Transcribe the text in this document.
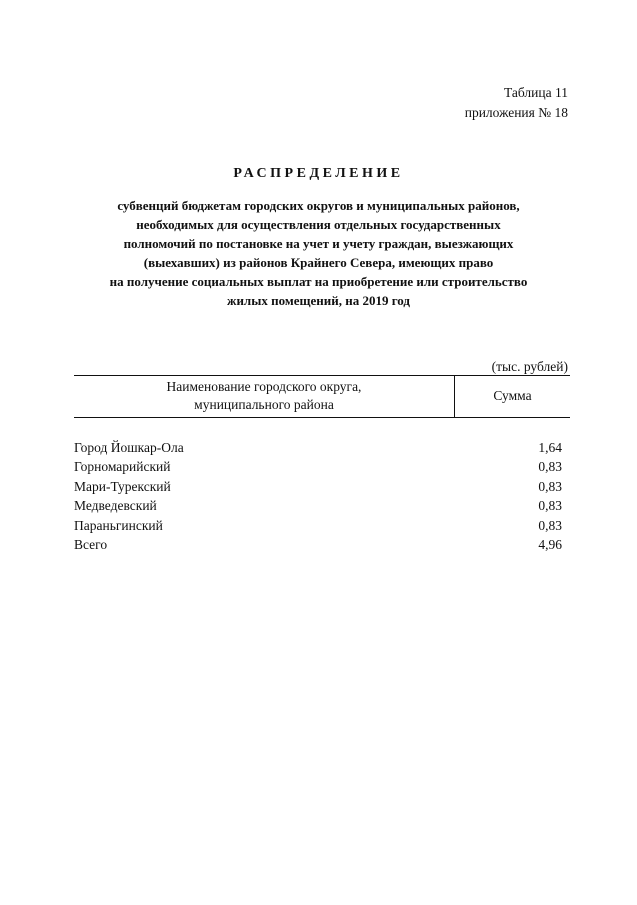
Таблица 11
приложения № 18
РАСПРЕДЕЛЕНИЕ
субвенций бюджетам городских округов и муниципальных районов,
необходимых для осуществления отдельных государственных
полномочий по постановке на учет и учету граждан, выезжающих
(выехавших) из районов Крайнего Севера, имеющих право
на получение социальных выплат на приобретение или строительство
жилых помещений, на 2019 год
(тыс. рублей)
Наименование городского округа,
муниципального района	Сумма

Город Йошкар-Ола	1,64
Горномарийский	0,83
Мари-Турекский	0,83
Медведевский	0,83
Параньгинский	0,83
Всего	4,96
